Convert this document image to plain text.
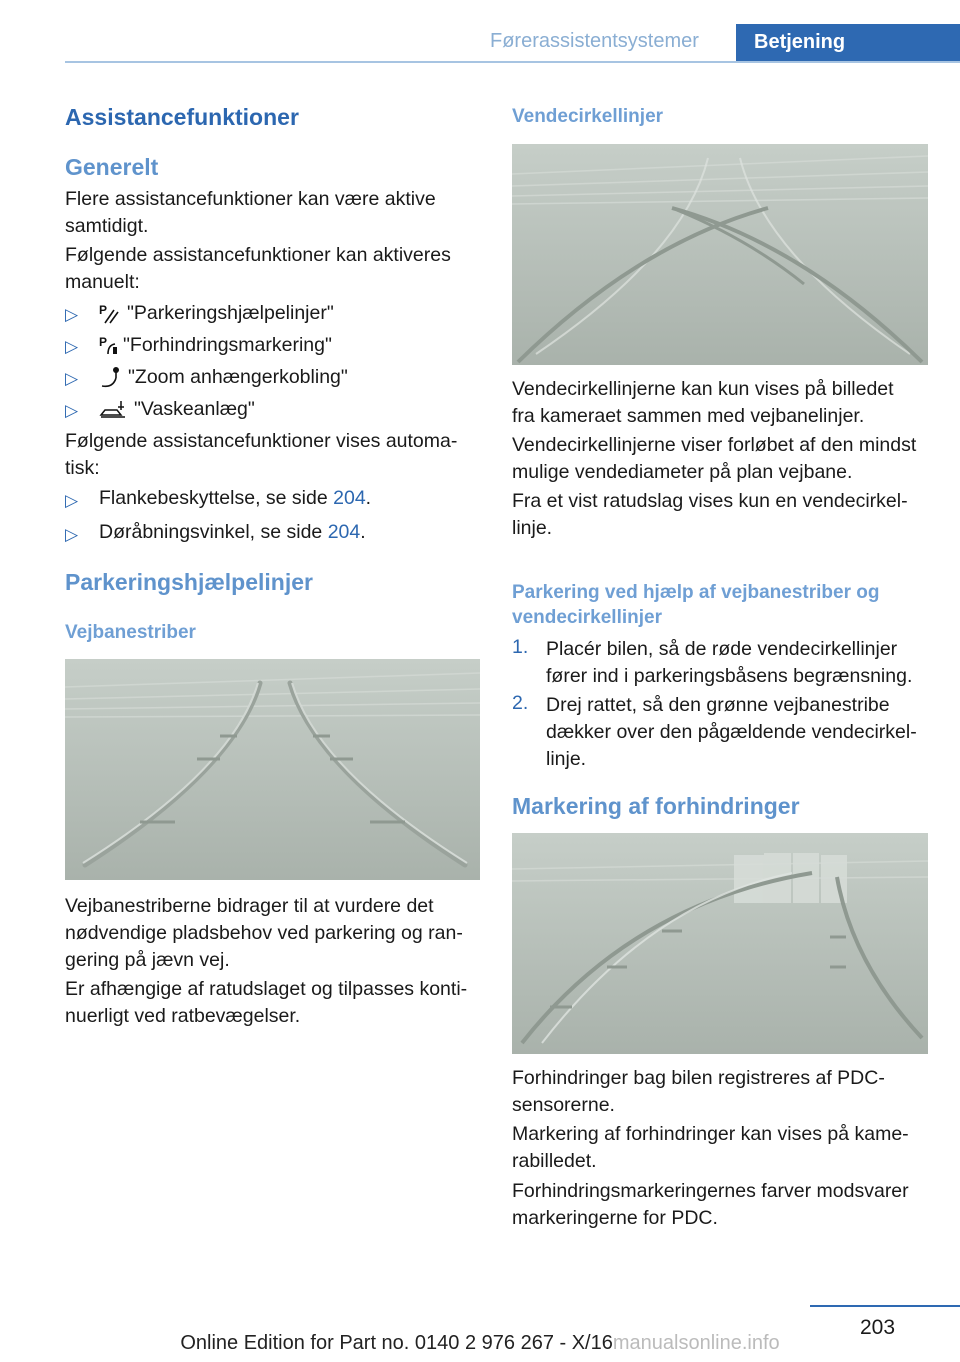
Førerassistentsystemer	Betjening
Assistancefunktioner
Generelt
Flere assistancefunktioner kan være aktive
samtidigt.
Følgende assistancefunktioner kan aktiveres
manuelt:
▷ P "Parkeringshjælpelinjer"
▷ P "Forhindringsmarkering"
▷	"Zoom anhængerkobling"
▷	"Vaskeanlæg"
Følgende assistancefunktioner vises automa‐
tisk:
▷ Flankebeskyttelse, se side 204.
▷ Døråbningsvinkel, se side 204.
Parkeringshjælpelinjer
Vejbanestriber
Vejbanestriberne bidrager til at vurdere det
nødvendige pladsbehov ved parkering og ran‐
gering på jævn vej.
Er afhængige af ratudslaget og tilpasses konti‐
nuerligt ved ratbevægelser.
Vendecirkellinjer
Vendecirkellinjerne kan kun vises på billedet
fra kameraet sammen med vejbanelinjer.
Vendecirkellinjerne viser forløbet af den mindst
mulige vendediameter på plan vejbane.
Fra et vist ratudslag vises kun en vendecirkel‐
linje.
Parkering ved hjælp af vejbanestriber og
vendecirkellinjer
1. Placér bilen, så de røde vendecirkellinjer
fører ind i parkeringsbåsens begrænsning.
2. Drej rattet, så den grønne vejbanestribe
dækker over den pågældende vendecirkel‐
linje.
Markering af forhindringer
Forhindringer bag bilen registreres af PDC-
sensorerne.
Markering af forhindringer kan vises på kame‐
rabilledet.
Forhindringsmarkeringernes farver modsvarer
markeringerne for PDC.
203
Online Edition for Part no. 0140 2 976 267 - X/16manualsonline.info
